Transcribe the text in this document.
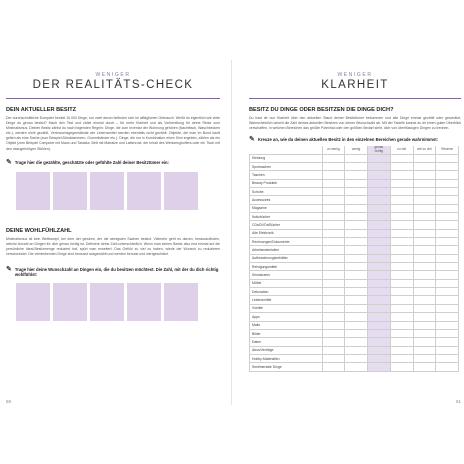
WENIGER
DER REALITÄTS-CHECK
DEIN AKTUELLER BESITZ
Der durchschnittliche Europäer besitzt 10.000 Dinge, nur zwei davon befinden sich im alltäglichen Gebrauch. Weißt du eigentlich wie viele Dinge du genau besitzt? Mach den Test und zähle einmal durch – für mehr Klarheit und als Vorbereitung für deine Reise zum Minimalismus. Deinen Besitz zählst du nach folgenden Regeln: Dinge, die zum Inventar der Wohnung gehören (Nachttisch, Waschbecken etc.), werden nicht gezählt. Verbrauchsgegenstände wie Lebensmittel werden ebenfalls nicht gezählt. Objekte, die man im Bund kauft gelten als eine Sache (zum Beispiel Büroklammern, Gummibänder etc.). Dinge, die nur in Kombination einen Sinn ergeben, zählen als ein Objekt (zum Beispiel Computer mit Maus und Tastatur, Bett mit Matratze und Lattenrost, der Inhalt des Werkzeugkoffers oder ein Tisch mit den dazugehörigen Stühlen).
✎ Trage hier die gezählte, geschätzte oder gefühlte Zahl deiner Besitztümer ein:
DEINE WOHLFÜHLZAHL
Minimalismus ist kein Wettkampf, bei dem der gewinnt, der die wenigsten Sachen besitzt. Vielmehr geht es darum, herauszufinden, welche Anzahl an Dingen für dich genau richtig ist. Definiere deine Zahl unterschiedlich. Wenn man seinen Besitz also erst einmal auf die persönliche Ideal-Besitzmenge reduziert hat, spürt man erweitert. Das Gefühl zu viel zu haben, wiede der Wunsch zu reduzieren verschwindet. Die verbleibenden Dinge sind bewusst ausgewählt und werden benutzt und wertgeschätzt.
✎ Trage hier deine Wunschzahl an Dingen ein, die du besitzen möchtest. Die Zahl, mit der du dich richtig wohlfühlst:
58
WENIGER
KLARHEIT
BESITZ DU DINGE ODER BESITZEN DIE DINGE DICH?
Du hast dir nun Klarheit über den aktuellen Stand deiner Besitztümer bekommen und alle Dinge einmal gezählt oder geschätzt. Wahrscheinlich weicht die Zahl deines aktuellen Besitzes von deiner Wunschzahl ab. Mit der Tabelle kannst du dir einen guten Überblick verschaffen, in welchen Bereichen das größte Potential oder den größten Bedarf sieht, dich von überflüssigen Dingen zu trennen.
✎ Kreuze an, wie du deinen aktuellen Besitz in den einzelnen Bereichen gerade wahrnimmst:
	zu wenig	wenig	genau richtig	zu viel	viel zu viel	Reserve
Kleidung						
Sportsachen						
Taschen						
Beauty Produkte						
Schuhe						
Accessoires						
Magazine						
Notizbücher						
CDs/DVDs/Bücher						
Alte Elektronik						
Rechnungen/Dokumente						
Arbeitsmaterialien						
Aufbewahrungsbehälter						
Reinigungsmittel						
Krimskrams						
Möbel						
Dekoration						
Lebensmittel						
Vorräte						
Apps						
Mails						
Bilder						
Daten						
Abos/Verträge						
Hobby-Materialien						
Sentimentale Dinge						
61
